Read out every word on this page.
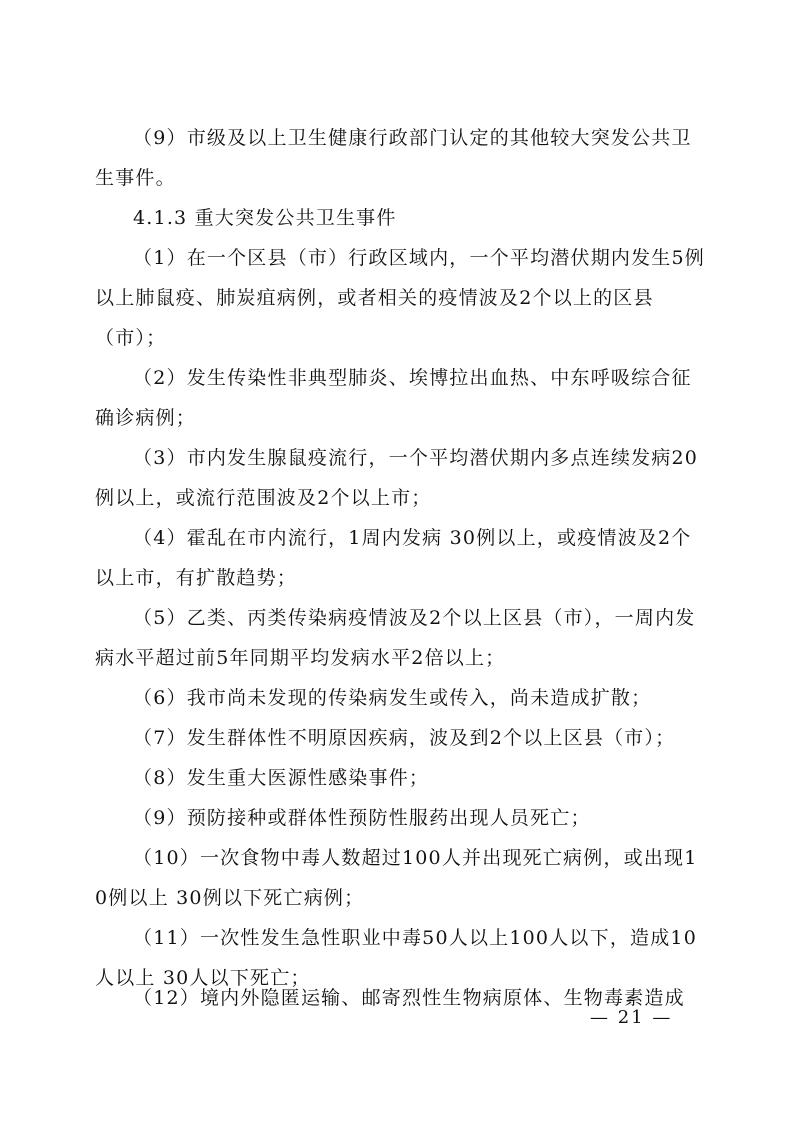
（9）市级及以上卫生健康行政部门认定的其他较大突发公共卫生事件。

4.1.3 重大突发公共卫生事件

（1）在一个区县（市）行政区域内，一个平均潜伏期内发生5例以上肺鼠疫、肺炭疽病例，或者相关的疫情波及2个以上的区县（市）；

（2）发生传染性非典型肺炎、埃博拉出血热、中东呼吸综合征确诊病例；

（3）市内发生腺鼠疫流行，一个平均潜伏期内多点连续发病20例以上，或流行范围波及2个以上市；

（4）霍乱在市内流行，1周内发病 30例以上，或疫情波及2个以上市，有扩散趋势；

（5）乙类、丙类传染病疫情波及2个以上区县（市），一周内发病水平超过前5年同期平均发病水平2倍以上；

（6）我市尚未发现的传染病发生或传入，尚未造成扩散；

（7）发生群体性不明原因疾病，波及到2个以上区县（市）；

（8）发生重大医源性感染事件；

（9）预防接种或群体性预防性服药出现人员死亡；

（10）一次食物中毒人数超过100人并出现死亡病例，或出现10例以上 30例以下死亡病例；

（11）一次性发生急性职业中毒50人以上100人以下，造成10人以上 30人以下死亡；

（12）境内外隐匿运输、邮寄烈性生物病原体、生物毒素造成

— 21 —
